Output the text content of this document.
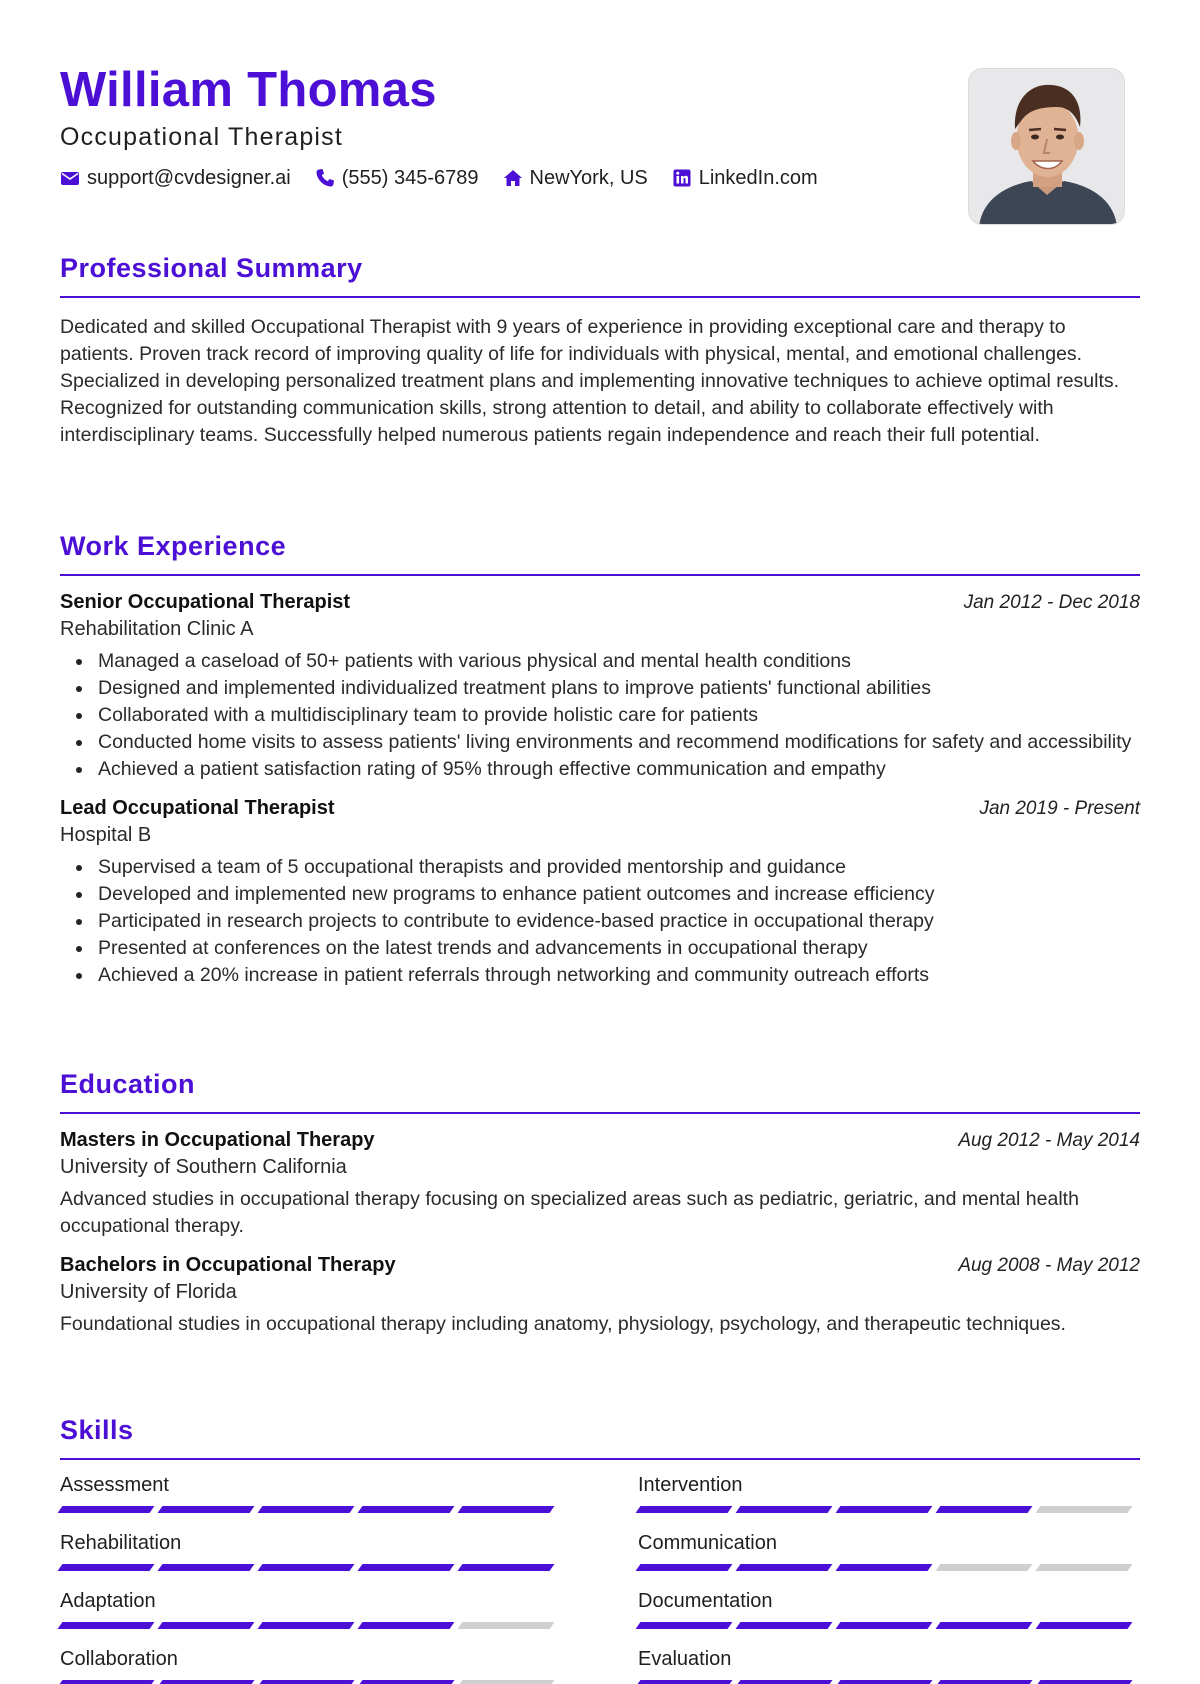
William Thomas
Occupational Therapist
support@cvdesigner.ai	(555) 345-6789	NewYork, US	LinkedIn.com
Professional Summary

Dedicated and skilled Occupational Therapist with 9 years of experience in providing exceptional care and therapy to patients. Proven track record of improving quality of life for individuals with physical, mental, and emotional challenges. Specialized in developing personalized treatment plans and implementing innovative techniques to achieve optimal results. Recognized for outstanding communication skills, strong attention to detail, and ability to collaborate effectively with interdisciplinary teams. Successfully helped numerous patients regain independence and reach their full potential.

Work Experience
Senior Occupational Therapist	Jan 2012 - Dec 2018
Rehabilitation Clinic A
Managed a caseload of 50+ patients with various physical and mental health conditions
Designed and implemented individualized treatment plans to improve patients' functional abilities
Collaborated with a multidisciplinary team to provide holistic care for patients
Conducted home visits to assess patients' living environments and recommend modifications for safety and accessibility
Achieved a patient satisfaction rating of 95% through effective communication and empathy
Lead Occupational Therapist	Jan 2019 - Present
Hospital B
Supervised a team of 5 occupational therapists and provided mentorship and guidance
Developed and implemented new programs to enhance patient outcomes and increase efficiency
Participated in research projects to contribute to evidence-based practice in occupational therapy
Presented at conferences on the latest trends and advancements in occupational therapy
Achieved a 20% increase in patient referrals through networking and community outreach efforts
Education
Masters in Occupational Therapy	Aug 2012 - May 2014
University of Southern California

Advanced studies in occupational therapy focusing on specialized areas such as pediatric, geriatric, and mental health occupational therapy.

Bachelors in Occupational Therapy	Aug 2008 - May 2012
University of Florida

Foundational studies in occupational therapy including anatomy, physiology, psychology, and therapeutic techniques.

Skills
Assessment	Intervention
Rehabilitation	Communication
Adaptation	Documentation
Collaboration	Evaluation
